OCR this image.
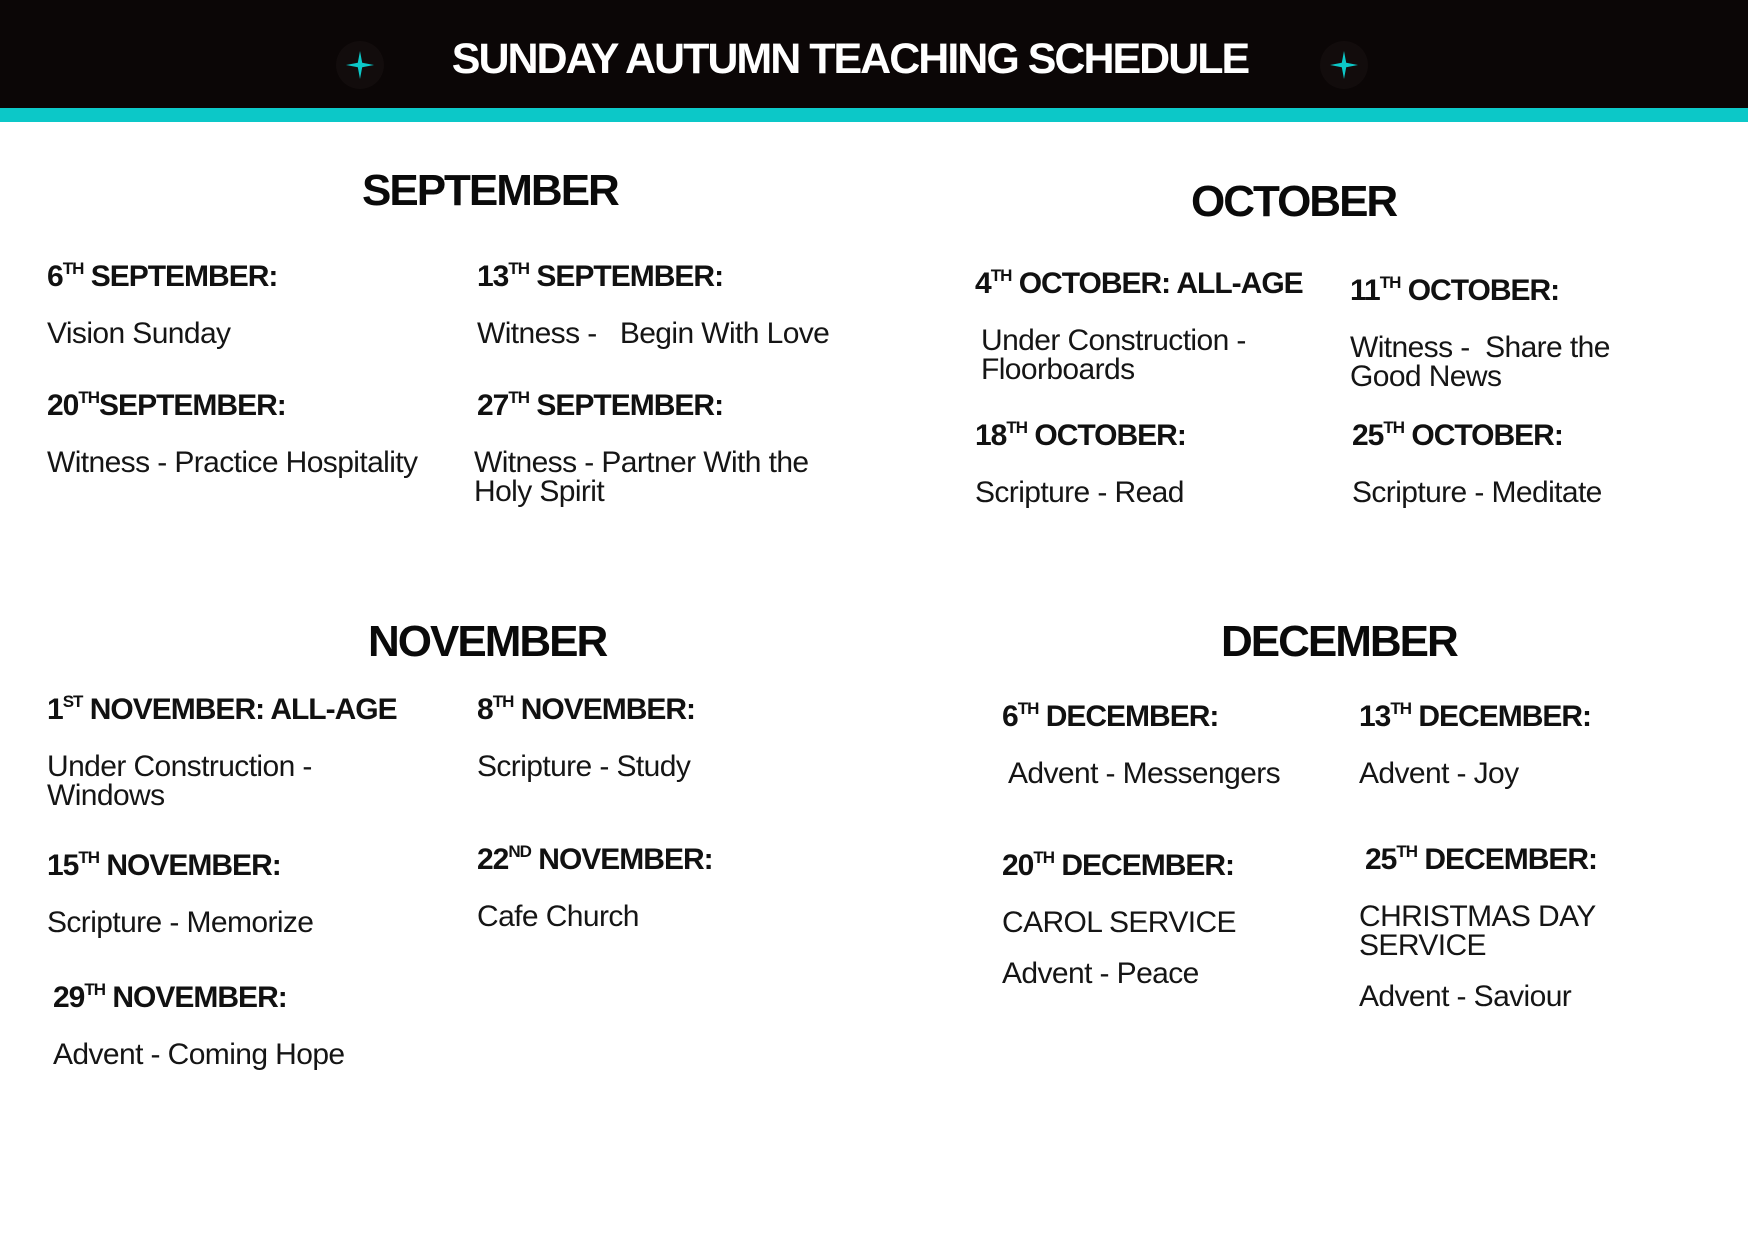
SUNDAY AUTUMN TEACHING SCHEDULE
SEPTEMBER
6TH SEPTEMBER:
Vision Sunday
13TH SEPTEMBER:
Witness -   Begin With Love
20THSEPTEMBER:
Witness - Practice Hospitality
27TH SEPTEMBER:
Witness - Partner With the Holy Spirit
OCTOBER
4TH OCTOBER: ALL-AGE
Under Construction - Floorboards
11TH OCTOBER:
Witness -  Share the Good News
18TH OCTOBER:
Scripture - Read
25TH OCTOBER:
Scripture - Meditate
NOVEMBER
1ST NOVEMBER: ALL-AGE
Under Construction - Windows
8TH NOVEMBER:
Scripture - Study
15TH NOVEMBER:
Scripture - Memorize
22ND NOVEMBER:
Cafe Church
29TH NOVEMBER:
Advent - Coming Hope
DECEMBER
6TH DECEMBER:
Advent - Messengers
13TH DECEMBER:
Advent - Joy
20TH DECEMBER:
CAROL SERVICE
Advent - Peace
25TH DECEMBER:
CHRISTMAS DAY SERVICE
Advent - Saviour
